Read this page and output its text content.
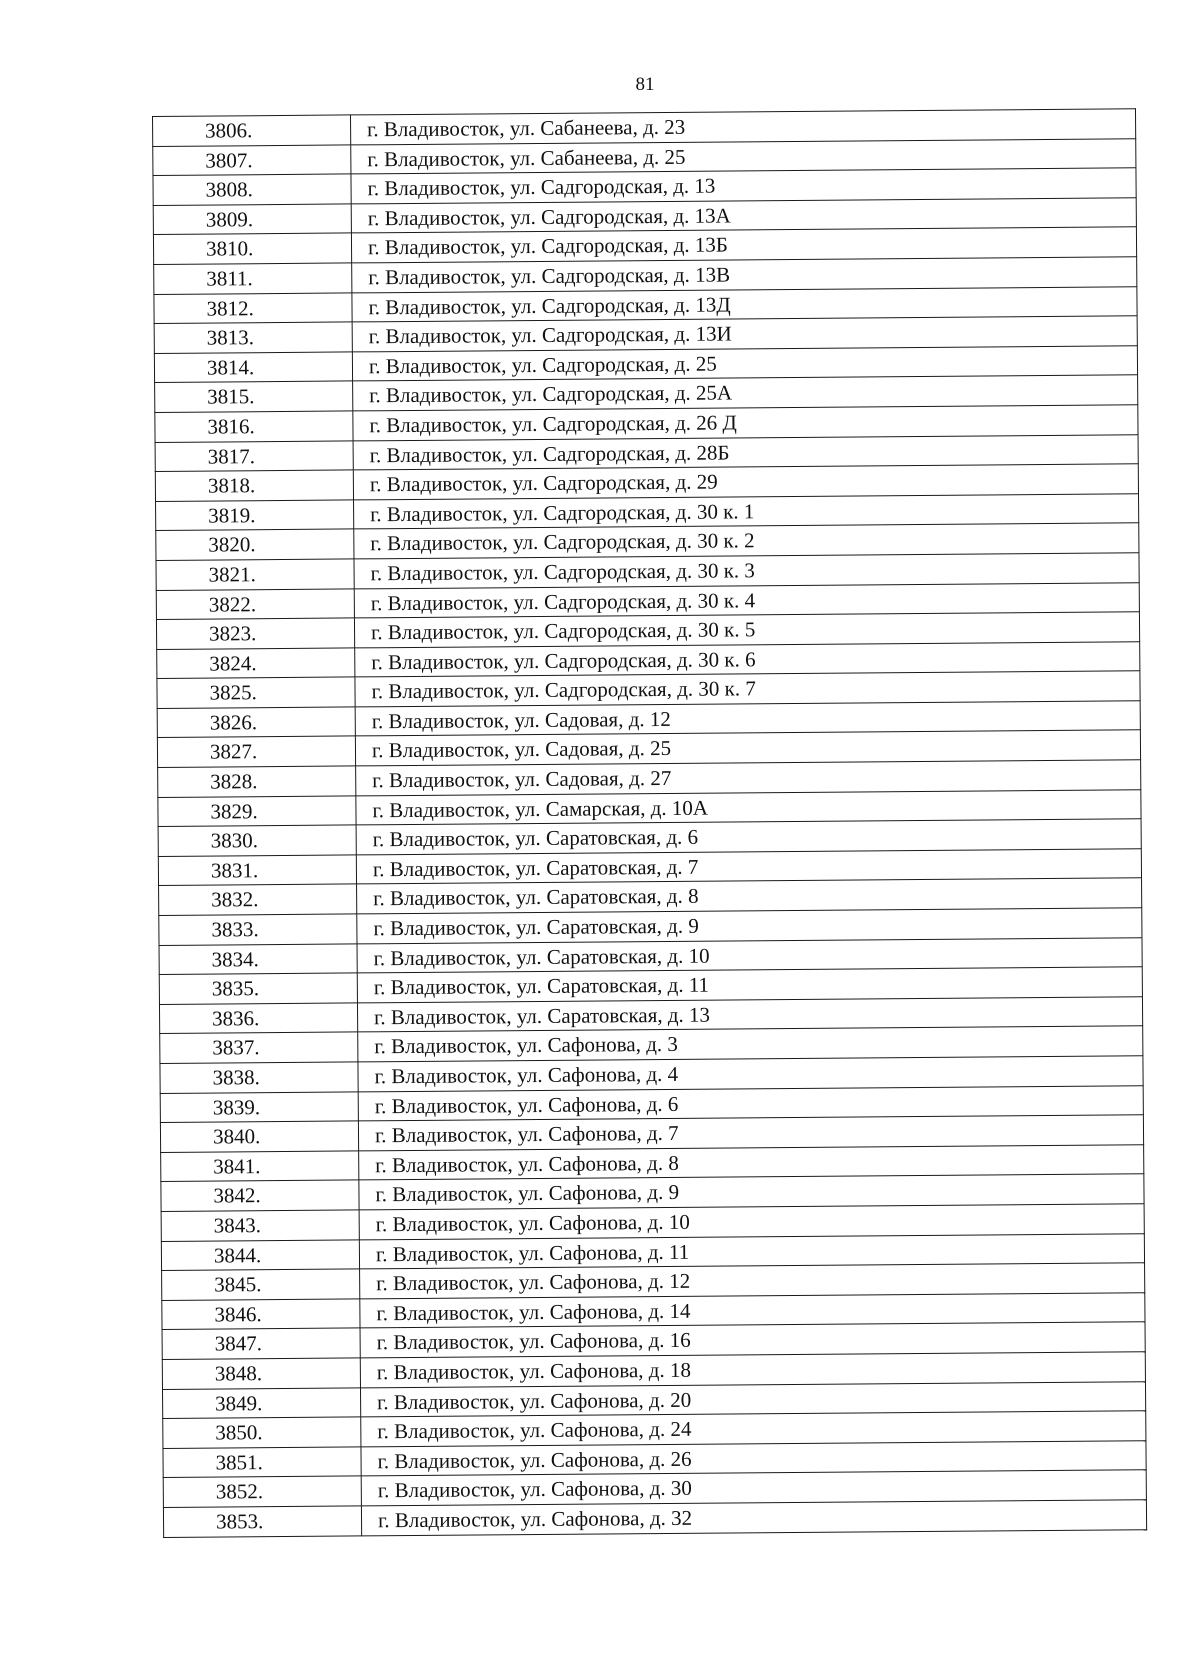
81
3806.	г. Владивосток, ул. Сабанеева, д. 23
3807.	г. Владивосток, ул. Сабанеева, д. 25
3808.	г. Владивосток, ул. Садгородская, д. 13
3809.	г. Владивосток, ул. Садгородская, д. 13А
3810.	г. Владивосток, ул. Садгородская, д. 13Б
3811.	г. Владивосток, ул. Садгородская, д. 13В
3812.	г. Владивосток, ул. Садгородская, д. 13Д
3813.	г. Владивосток, ул. Садгородская, д. 13И
3814.	г. Владивосток, ул. Садгородская, д. 25
3815.	г. Владивосток, ул. Садгородская, д. 25А
3816.	г. Владивосток, ул. Садгородская, д. 26 Д
3817.	г. Владивосток, ул. Садгородская, д. 28Б
3818.	г. Владивосток, ул. Садгородская, д. 29
3819.	г. Владивосток, ул. Садгородская, д. 30 к. 1
3820.	г. Владивосток, ул. Садгородская, д. 30 к. 2
3821.	г. Владивосток, ул. Садгородская, д. 30 к. 3
3822.	г. Владивосток, ул. Садгородская, д. 30 к. 4
3823.	г. Владивосток, ул. Садгородская, д. 30 к. 5
3824.	г. Владивосток, ул. Садгородская, д. 30 к. 6
3825.	г. Владивосток, ул. Садгородская, д. 30 к. 7
3826.	г. Владивосток, ул. Садовая, д. 12
3827.	г. Владивосток, ул. Садовая, д. 25
3828.	г. Владивосток, ул. Садовая, д. 27
3829.	г. Владивосток, ул. Самарская, д. 10А
3830.	г. Владивосток, ул. Саратовская, д. 6
3831.	г. Владивосток, ул. Саратовская, д. 7
3832.	г. Владивосток, ул. Саратовская, д. 8
3833.	г. Владивосток, ул. Саратовская, д. 9
3834.	г. Владивосток, ул. Саратовская, д. 10
3835.	г. Владивосток, ул. Саратовская, д. 11
3836.	г. Владивосток, ул. Саратовская, д. 13
3837.	г. Владивосток, ул. Сафонова, д. 3
3838.	г. Владивосток, ул. Сафонова, д. 4
3839.	г. Владивосток, ул. Сафонова, д. 6
3840.	г. Владивосток, ул. Сафонова, д. 7
3841.	г. Владивосток, ул. Сафонова, д. 8
3842.	г. Владивосток, ул. Сафонова, д. 9
3843.	г. Владивосток, ул. Сафонова, д. 10
3844.	г. Владивосток, ул. Сафонова, д. 11
3845.	г. Владивосток, ул. Сафонова, д. 12
3846.	г. Владивосток, ул. Сафонова, д. 14
3847.	г. Владивосток, ул. Сафонова, д. 16
3848.	г. Владивосток, ул. Сафонова, д. 18
3849.	г. Владивосток, ул. Сафонова, д. 20
3850.	г. Владивосток, ул. Сафонова, д. 24
3851.	г. Владивосток, ул. Сафонова, д. 26
3852.	г. Владивосток, ул. Сафонова, д. 30
3853.	г. Владивосток, ул. Сафонова, д. 32
